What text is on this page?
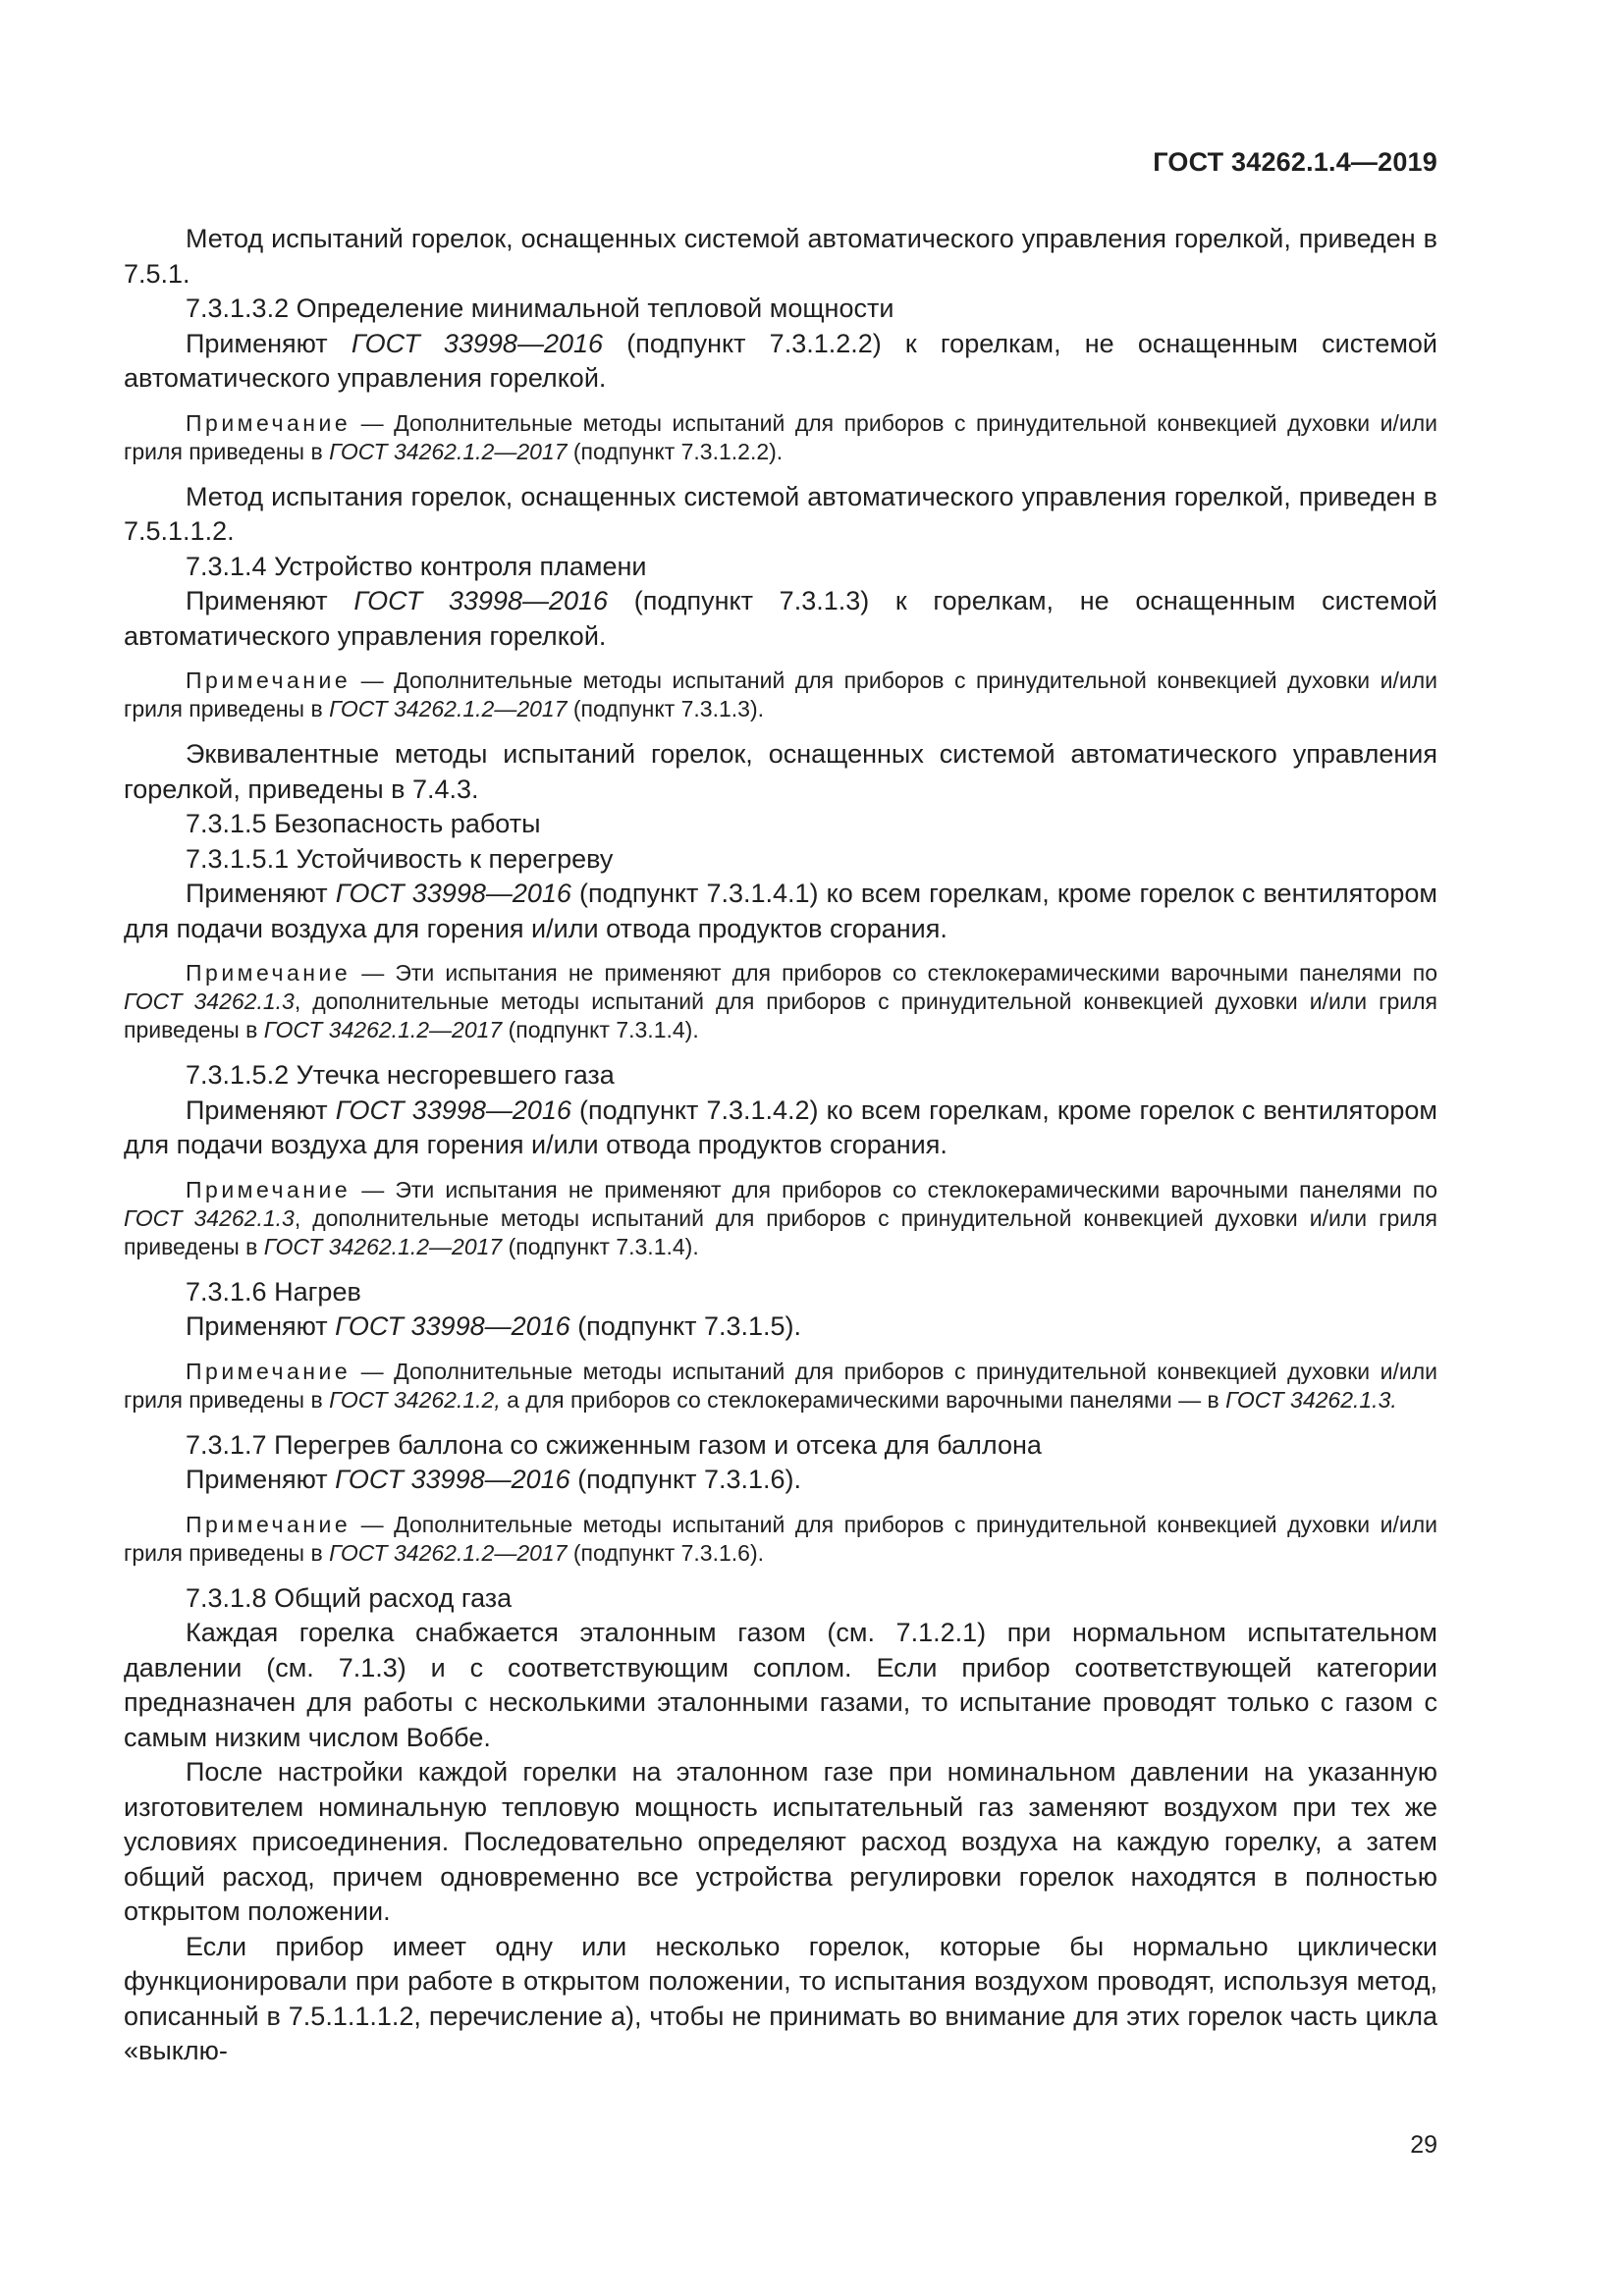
ГОСТ 34262.1.4—2019

Метод испытаний горелок, оснащенных системой автоматического управления горелкой, приведен в 7.5.1.

7.3.1.3.2 Определение минимальной тепловой мощности

Применяют ГОСТ 33998—2016 (подпункт 7.3.1.2.2) к горелкам, не оснащенным системой автоматического управления горелкой.

Примечание — Дополнительные методы испытаний для приборов с принудительной конвекцией духовки и/или гриля приведены в ГОСТ 34262.1.2—2017 (подпункт 7.3.1.2.2).

Метод испытания горелок, оснащенных системой автоматического управления горелкой, приведен в 7.5.1.1.2.

7.3.1.4 Устройство контроля пламени

Применяют ГОСТ 33998—2016 (подпункт 7.3.1.3) к горелкам, не оснащенным системой автоматического управления горелкой.

Примечание — Дополнительные методы испытаний для приборов с принудительной конвекцией духовки и/или гриля приведены в ГОСТ 34262.1.2—2017 (подпункт 7.3.1.3).

Эквивалентные методы испытаний горелок, оснащенных системой автоматического управления горелкой, приведены в 7.4.3.

7.3.1.5 Безопасность работы

7.3.1.5.1 Устойчивость к перегреву

Применяют ГОСТ 33998—2016 (подпункт 7.3.1.4.1) ко всем горелкам, кроме горелок с вентилятором для подачи воздуха для горения и/или отвода продуктов сгорания.

Примечание — Эти испытания не применяют для приборов со стеклокерамическими варочными панелями по ГОСТ 34262.1.3, дополнительные методы испытаний для приборов с принудительной конвекцией духовки и/или гриля приведены в ГОСТ 34262.1.2—2017 (подпункт 7.3.1.4).

7.3.1.5.2 Утечка несгоревшего газа

Применяют ГОСТ 33998—2016 (подпункт 7.3.1.4.2) ко всем горелкам, кроме горелок с вентилятором для подачи воздуха для горения и/или отвода продуктов сгорания.

Примечание — Эти испытания не применяют для приборов со стеклокерамическими варочными панелями по ГОСТ 34262.1.3, дополнительные методы испытаний для приборов с принудительной конвекцией духовки и/или гриля приведены в ГОСТ 34262.1.2—2017 (подпункт 7.3.1.4).

7.3.1.6 Нагрев

Применяют ГОСТ 33998—2016 (подпункт 7.3.1.5).

Примечание — Дополнительные методы испытаний для приборов с принудительной конвекцией духовки и/или гриля приведены в ГОСТ 34262.1.2, а для приборов со стеклокерамическими варочными панелями — в ГОСТ 34262.1.3.

7.3.1.7 Перегрев баллона со сжиженным газом и отсека для баллона

Применяют ГОСТ 33998—2016 (подпункт 7.3.1.6).

Примечание — Дополнительные методы испытаний для приборов с принудительной конвекцией духовки и/или гриля приведены в ГОСТ 34262.1.2—2017 (подпункт 7.3.1.6).

7.3.1.8 Общий расход газа

Каждая горелка снабжается эталонным газом (см. 7.1.2.1) при нормальном испытательном давлении (см. 7.1.3) и с соответствующим соплом. Если прибор соответствующей категории предназначен для работы с несколькими эталонными газами, то испытание проводят только с газом с самым низким числом Воббе.

После настройки каждой горелки на эталонном газе при номинальном давлении на указанную изготовителем номинальную тепловую мощность испытательный газ заменяют воздухом при тех же условиях присоединения. Последовательно определяют расход воздуха на каждую горелку, а затем общий расход, причем одновременно все устройства регулировки горелок находятся в полностью открытом положении.

Если прибор имеет одну или несколько горелок, которые бы нормально циклически функционировали при работе в открытом положении, то испытания воздухом проводят, используя метод, описанный в 7.5.1.1.1.2, перечисление а), чтобы не принимать во внимание для этих горелок часть цикла «выклю-

29
